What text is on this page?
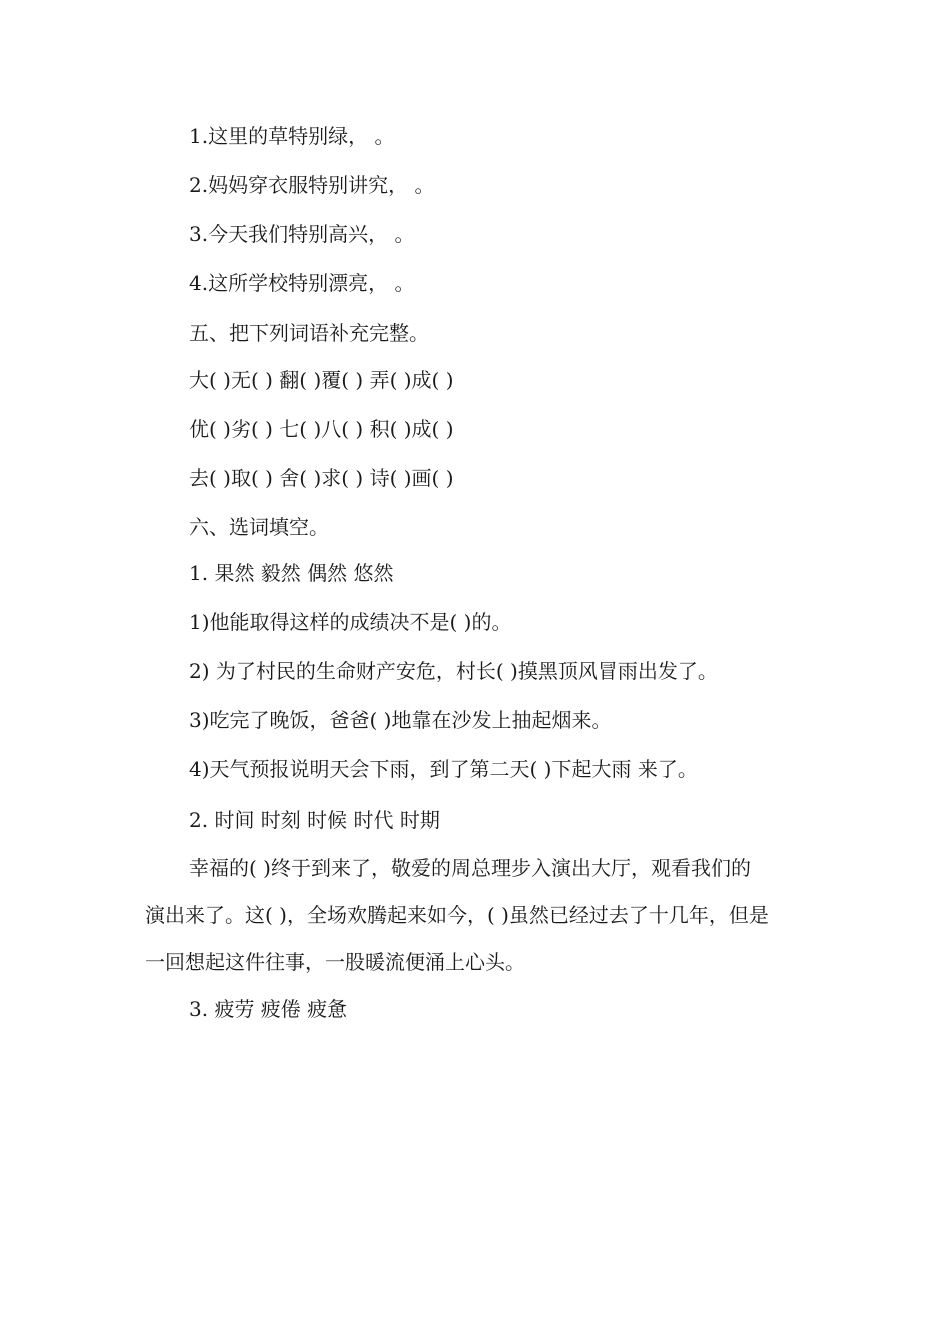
1.这里的草特别绿， 。
2.妈妈穿衣服特别讲究， 。
3.今天我们特别高兴， 。
4.这所学校特别漂亮， 。
五、把下列词语补充完整。
大( )无( ) 翻( )覆( ) 弄( )成( )
优( )劣( ) 七( )八( ) 积( )成( )
去( )取( ) 舍( )求( ) 诗( )画( )
六、选词填空。
1. 果然 毅然 偶然 悠然
1)他能取得这样的成绩决不是( )的。
2) 为了村民的生命财产安危，村长( )摸黑顶风冒雨出发了。
3)吃完了晚饭，爸爸( )地靠在沙发上抽起烟来。
4)天气预报说明天会下雨，到了第二天( )下起大雨 来了。
2. 时间 时刻 时候 时代 时期
幸福的( )终于到来了，敬爱的周总理步入演出大厅，观看我们的
演出来了。这( )，全场欢腾起来如今，( )虽然已经过去了十几年，但是
一回想起这件往事，一股暖流便涌上心头。
3. 疲劳 疲倦 疲惫
